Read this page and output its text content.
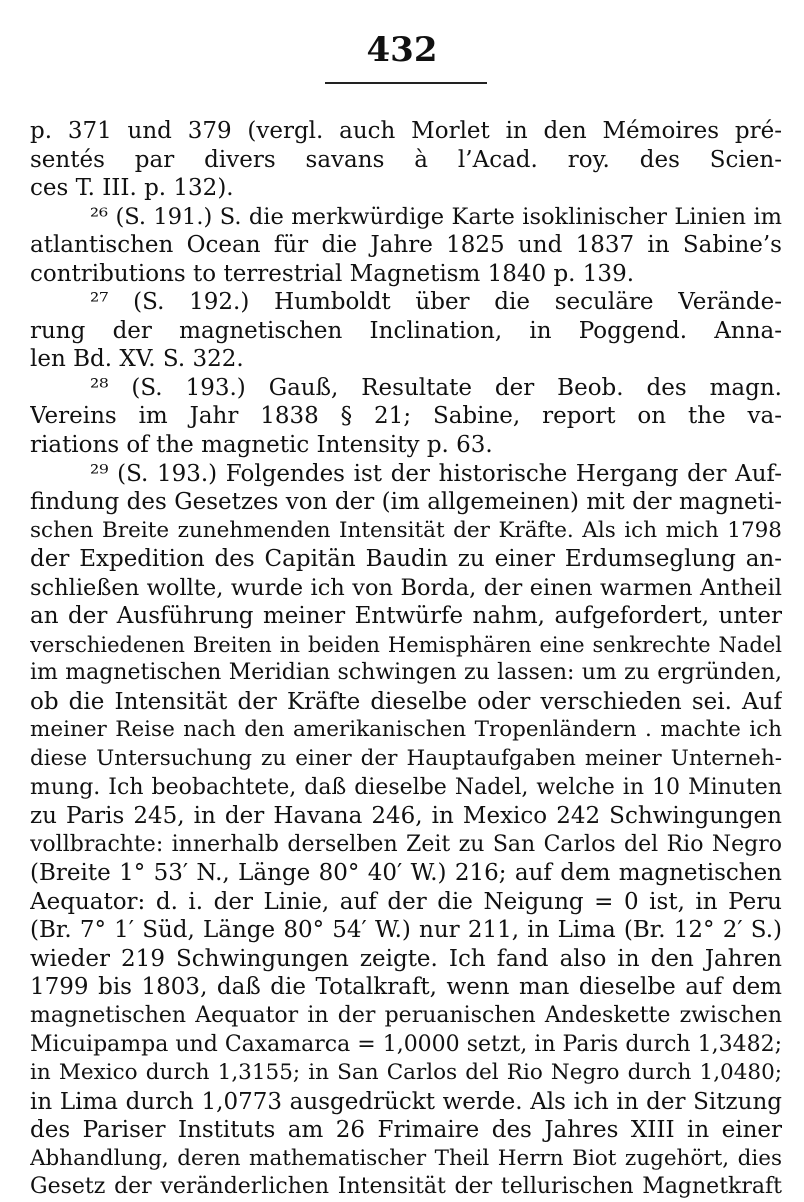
432
p. 371 und 379 (vergl. auch Morlet in den Mémoires pré-
sentés par divers savans à l’Acad. roy. des Scien-
ces T. III. p. 132).
²⁶ (S. 191.) S. die merkwürdige Karte isoklinischer Linien im
atlantischen Ocean für die Jahre 1825 und 1837 in Sabine’s
contributions to terrestrial Magnetism 1840 p. 139.
²⁷ (S. 192.) Humboldt über die seculäre Verände-
rung der magnetischen Inclination, in Poggend. Anna-
len Bd. XV. S. 322.
²⁸ (S. 193.) Gauß, Resultate der Beob. des magn.
Vereins im Jahr 1838 § 21; Sabine, report on the va-
riations of the magnetic Intensity p. 63.
²⁹ (S. 193.) Folgendes ist der historische Hergang der Auf-
findung des Gesetzes von der (im allgemeinen) mit der magneti-
schen Breite zunehmenden Intensität der Kräfte. Als ich mich 1798
der Expedition des Capitän Baudin zu einer Erdumseglung an-
schließen wollte, wurde ich von Borda, der einen warmen Antheil
an der Ausführung meiner Entwürfe nahm, aufgefordert, unter
verschiedenen Breiten in beiden Hemisphären eine senkrechte Nadel
im magnetischen Meridian schwingen zu lassen: um zu ergründen,
ob die Intensität der Kräfte dieselbe oder verschieden sei. Auf
meiner Reise nach den amerikanischen Tropenländern . machte ich
diese Untersuchung zu einer der Hauptaufgaben meiner Unterneh-
mung. Ich beobachtete, daß dieselbe Nadel, welche in 10 Minuten
zu Paris 245, in der Havana 246, in Mexico 242 Schwingungen
vollbrachte: innerhalb derselben Zeit zu San Carlos del Rio Negro
(Breite 1° 53′ N., Länge 80° 40′ W.) 216; auf dem magnetischen
Aequator: d. i. der Linie, auf der die Neigung = 0 ist, in Peru
(Br. 7° 1′ Süd, Länge 80° 54′ W.) nur 211, in Lima (Br. 12° 2′ S.)
wieder 219 Schwingungen zeigte. Ich fand also in den Jahren
1799 bis 1803, daß die Totalkraft, wenn man dieselbe auf dem
magnetischen Aequator in der peruanischen Andeskette zwischen
Micuipampa und Caxamarca = 1,0000 setzt, in Paris durch 1,3482;
in Mexico durch 1,3155; in San Carlos del Rio Negro durch 1,0480;
in Lima durch 1,0773 ausgedrückt werde. Als ich in der Sitzung
des Pariser Instituts am 26 Frimaire des Jahres XIII in einer
Abhandlung, deren mathematischer Theil Herrn Biot zugehört, dies
Gesetz der veränderlichen Intensität der tellurischen Magnetkraft
